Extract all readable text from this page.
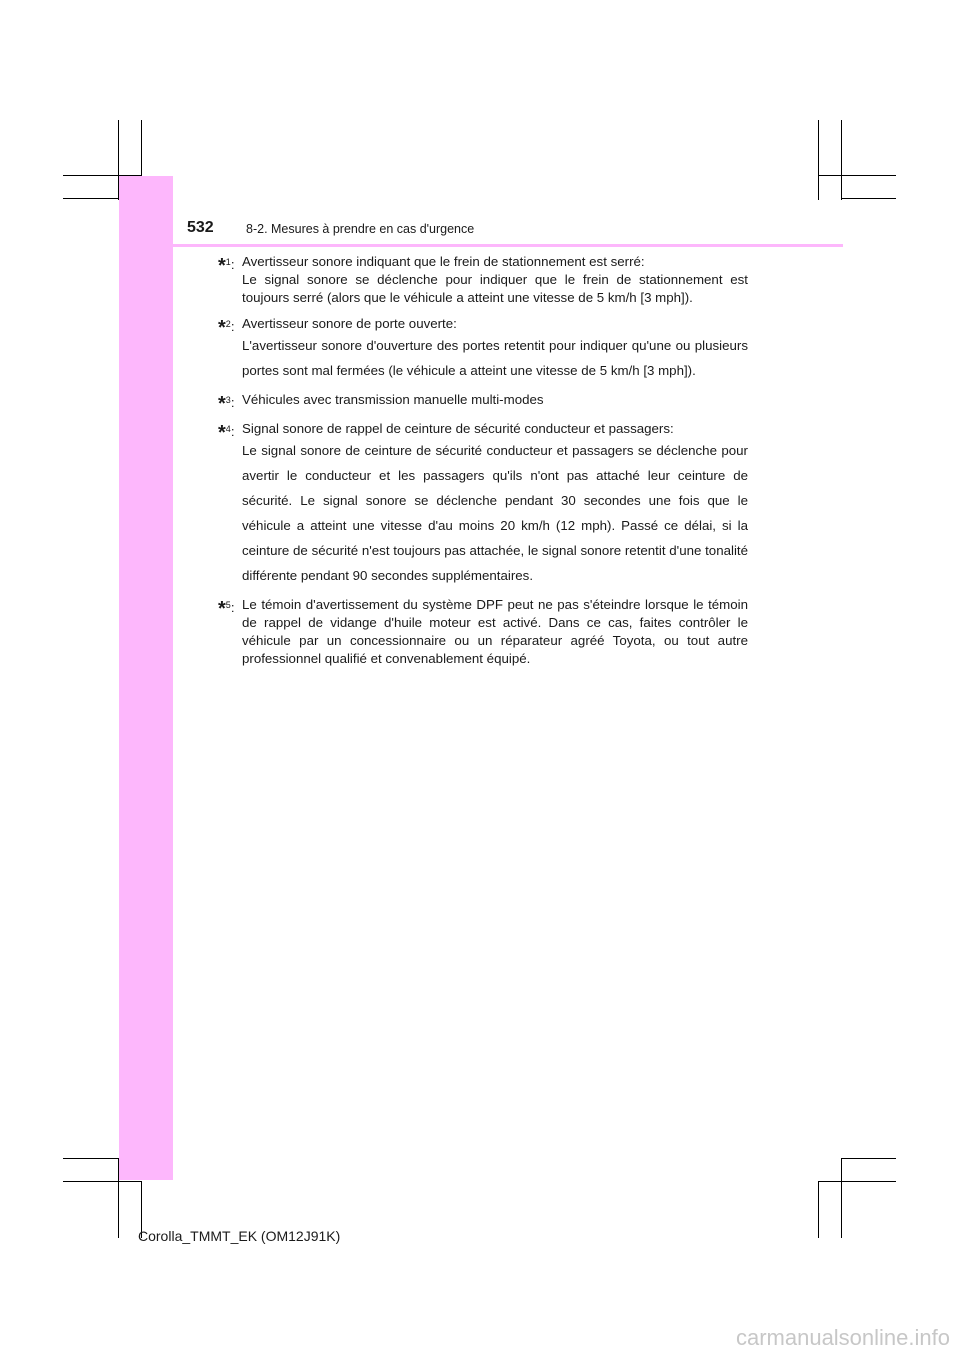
532	8-2. Mesures à prendre en cas d'urgence
*$^1$: Avertisseur sonore indiquant que le frein de stationnement est serré:

Le signal sonore se déclenche pour indiquer que le frein de stationnement est toujours serré (alors que le véhicule a atteint une vitesse de 5 km/h [3 mph]).

*$^2$: Avertisseur sonore de porte ouverte:

L'avertisseur sonore d'ouverture des portes retentit pour indiquer qu'une ou plusieurs portes sont mal fermées (le véhicule a atteint une vitesse de 5 km/h [3 mph]).

*$^3$: Véhicules avec transmission manuelle multi-modes

*$^4$: Signal sonore de rappel de ceinture de sécurité conducteur et passagers:

Le signal sonore de ceinture de sécurité conducteur et passagers se déclenche pour avertir le conducteur et les passagers qu'ils n'ont pas attaché leur ceinture de sécurité. Le signal sonore se déclenche pendant 30 secondes une fois que le véhicule a atteint une vitesse d'au moins 20 km/h (12 mph). Passé ce délai, si la ceinture de sécurité n'est toujours pas attachée, le signal sonore retentit d'une tonalité différente pendant 90 secondes supplémentaires.

*$^5$: Le témoin d'avertissement du système DPF peut ne pas s'éteindre lorsque le témoin de rappel de vidange d'huile moteur est activé. Dans ce cas, faites contrôler le véhicule par un concessionnaire ou un réparateur agréé Toyota, ou tout autre professionnel qualifié et convenablement équipé.

Corolla_TMMT_EK (OM12J91K)
carmanualsonline.info
